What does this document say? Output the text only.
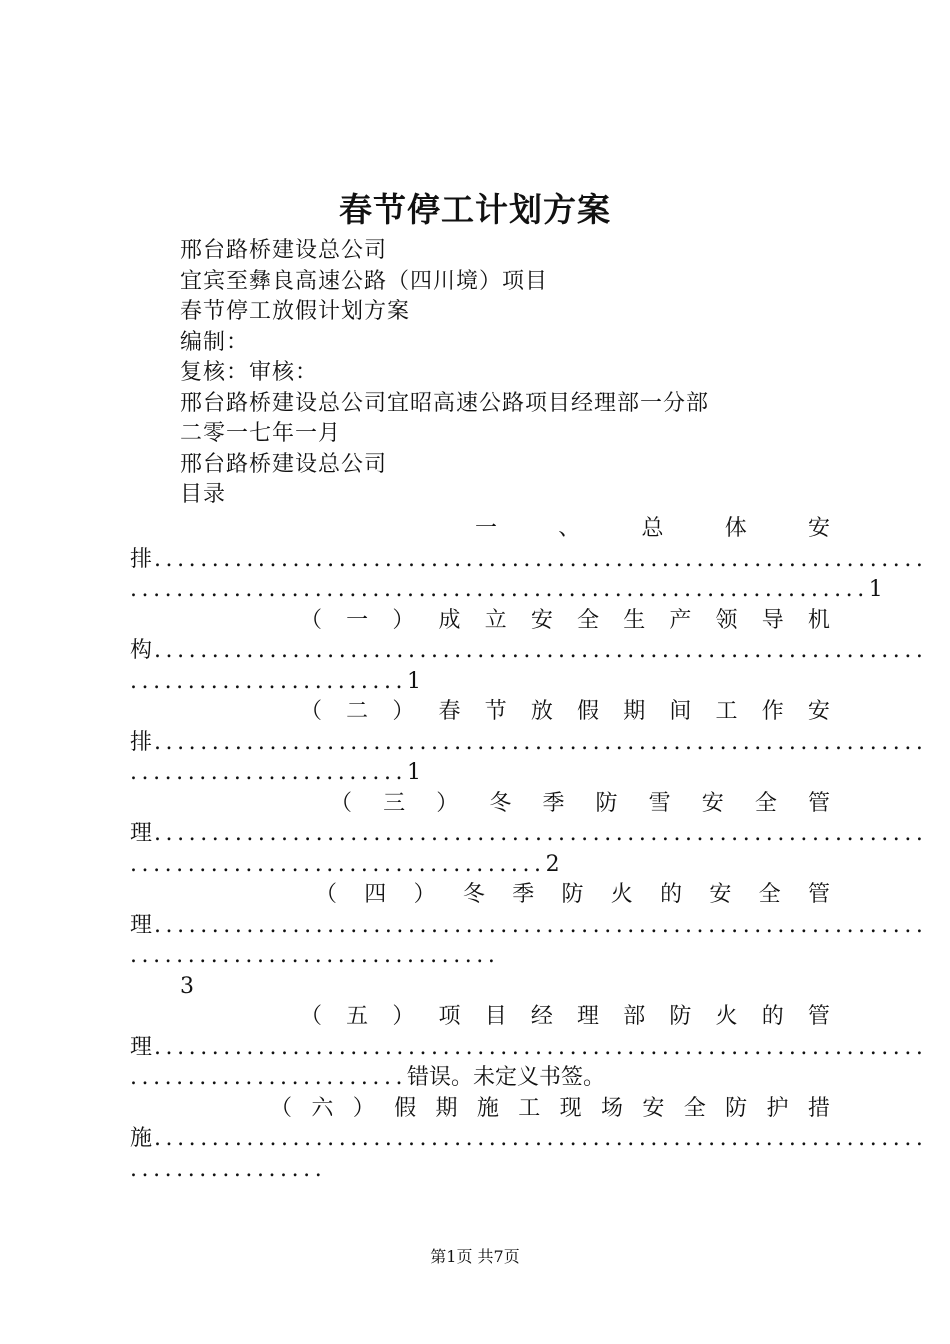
春节停工计划方案
邢台路桥建设总公司
宜宾至彝良高速公路（四川境）项目
春节停工放假计划方案
编制：
复核：审核：
邢台路桥建设总公司宜昭高速公路项目经理部一分部
二零一七年一月
邢台路桥建设总公司
目录
一	、	总	体	安
排...................................................................
................................................................1
（ 一 ） 成 立 安 全 生 产 领 导 机
构...................................................................
........................1
（ 二 ） 春 节 放 假 期 间 工 作 安
排...................................................................
........................1
（ 三 ） 冬 季 防 雪 安 全 管
理...................................................................
....................................2
（ 四 ） 冬 季 防 火 的 安 全 管
理...................................................................
................................
3
（ 五 ） 项 目 经 理 部 防 火 的 管
理...................................................................
........................错误。未定义书签。
（ 六 ） 假 期 施 工 现 场 安 全 防 护 措
施...................................................................
.................
第1页 共7页
